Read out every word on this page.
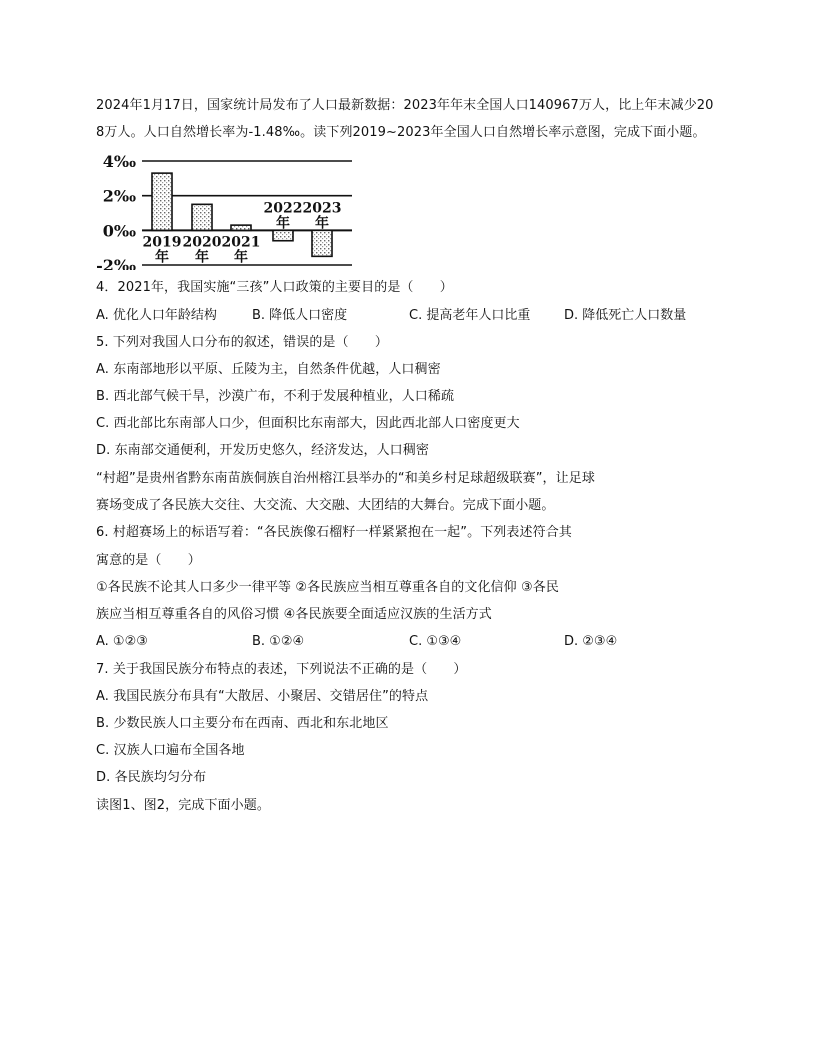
2024年1月17日，国家统计局发布了人口最新数据：2023年年末全国人口140967万人，比上年末减少20
8万人。人口自然增长率为-1.48‰。读下列2019~2023年全国人口自然增长率示意图，完成下面小题。
4‰
2‰
0‰
-2‰
2019
年
2020
年
2021
年
2022
年
2023
年
4．2021年，我国实施“三孩”人口政策的主要目的是（　　）
A. 优化人口年龄结构	B. 降低人口密度	C. 提高老年人口比重	D. 降低死亡人口数量
5. 下列对我国人口分布的叙述，错误的是（　　）
A. 东南部地形以平原、丘陵为主，自然条件优越，人口稠密
B. 西北部气候干旱，沙漠广布，不利于发展种植业，人口稀疏
C. 西北部比东南部人口少，但面积比东南部大，因此西北部人口密度更大
D. 东南部交通便利，开发历史悠久，经济发达，人口稠密
“村超”是贵州省黔东南苗族侗族自治州榕江县举办的“和美乡村足球超级联赛”，让足球
赛场变成了各民族大交往、大交流、大交融、大团结的大舞台。完成下面小题。
6. 村超赛场上的标语写着：“各民族像石榴籽一样紧紧抱在一起”。下列表述符合其
寓意的是（　　）
①各民族不论其人口多少一律平等 ②各民族应当相互尊重各自的文化信仰 ③各民
族应当相互尊重各自的风俗习惯 ④各民族要全面适应汉族的生活方式
A. ①②③	B. ①②④	C. ①③④	D. ②③④
7. 关于我国民族分布特点的表述，下列说法不正确的是（　　）
A. 我国民族分布具有“大散居、小聚居、交错居住”的特点
B. 少数民族人口主要分布在西南、西北和东北地区
C. 汉族人口遍布全国各地
D. 各民族均匀分布
读图1、图2，完成下面小题。
